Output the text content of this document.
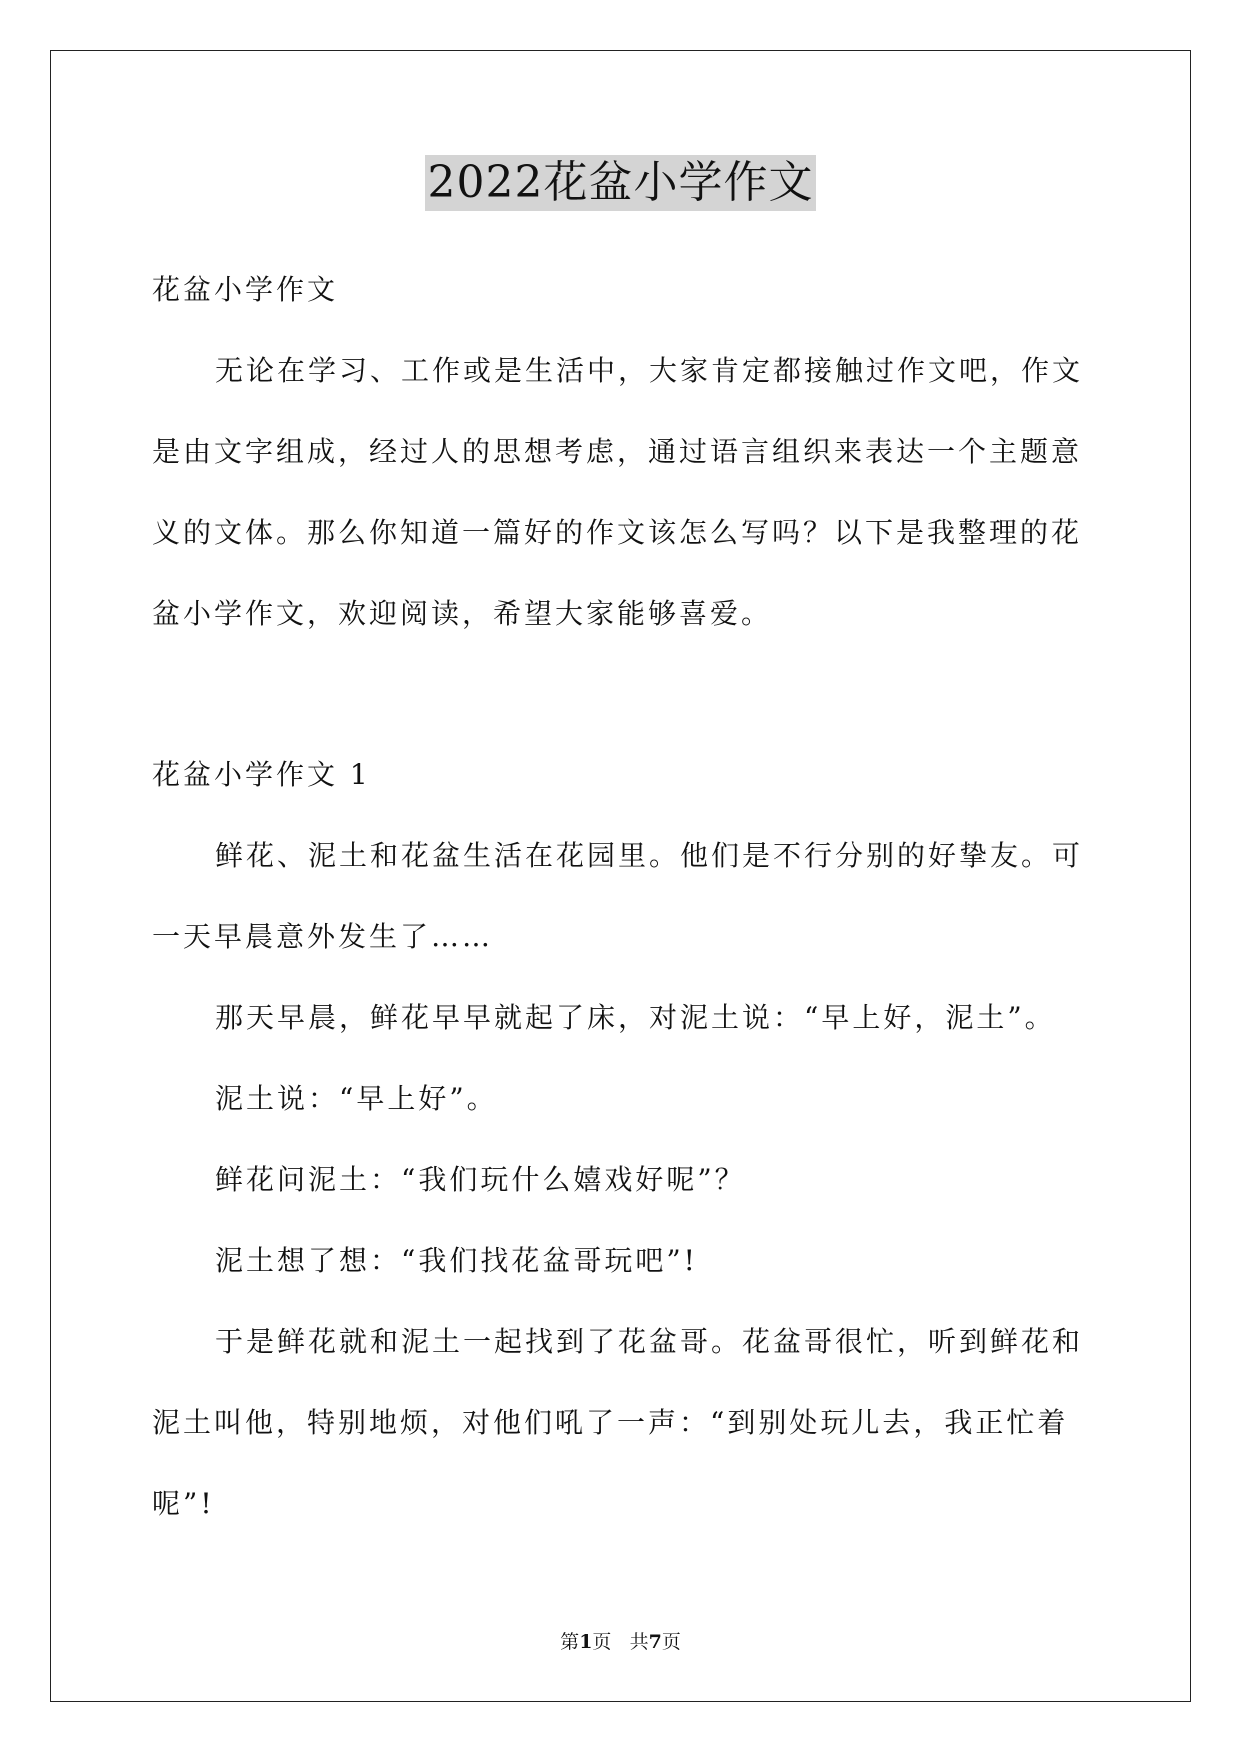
2022花盆小学作文
花盆小学作文
无论在学习、工作或是生活中，大家肯定都接触过作文吧，作文
是由文字组成，经过人的思想考虑，通过语言组织来表达一个主题意
义的文体。那么你知道一篇好的作文该怎么写吗？以下是我整理的花
盆小学作文，欢迎阅读，希望大家能够喜爱。
花盆小学作文 1
鲜花、泥土和花盆生活在花园里。他们是不行分别的好挚友。可
一天早晨意外发生了……
那天早晨，鲜花早早就起了床，对泥土说：“早上好，泥土”。
泥土说：“早上好”。
鲜花问泥土：“我们玩什么嬉戏好呢”？
泥土想了想：“我们找花盆哥玩吧”!
于是鲜花就和泥土一起找到了花盆哥。花盆哥很忙，听到鲜花和
泥土叫他，特别地烦，对他们吼了一声：“到别处玩儿去，我正忙着
呢”!
第1页 共7页
